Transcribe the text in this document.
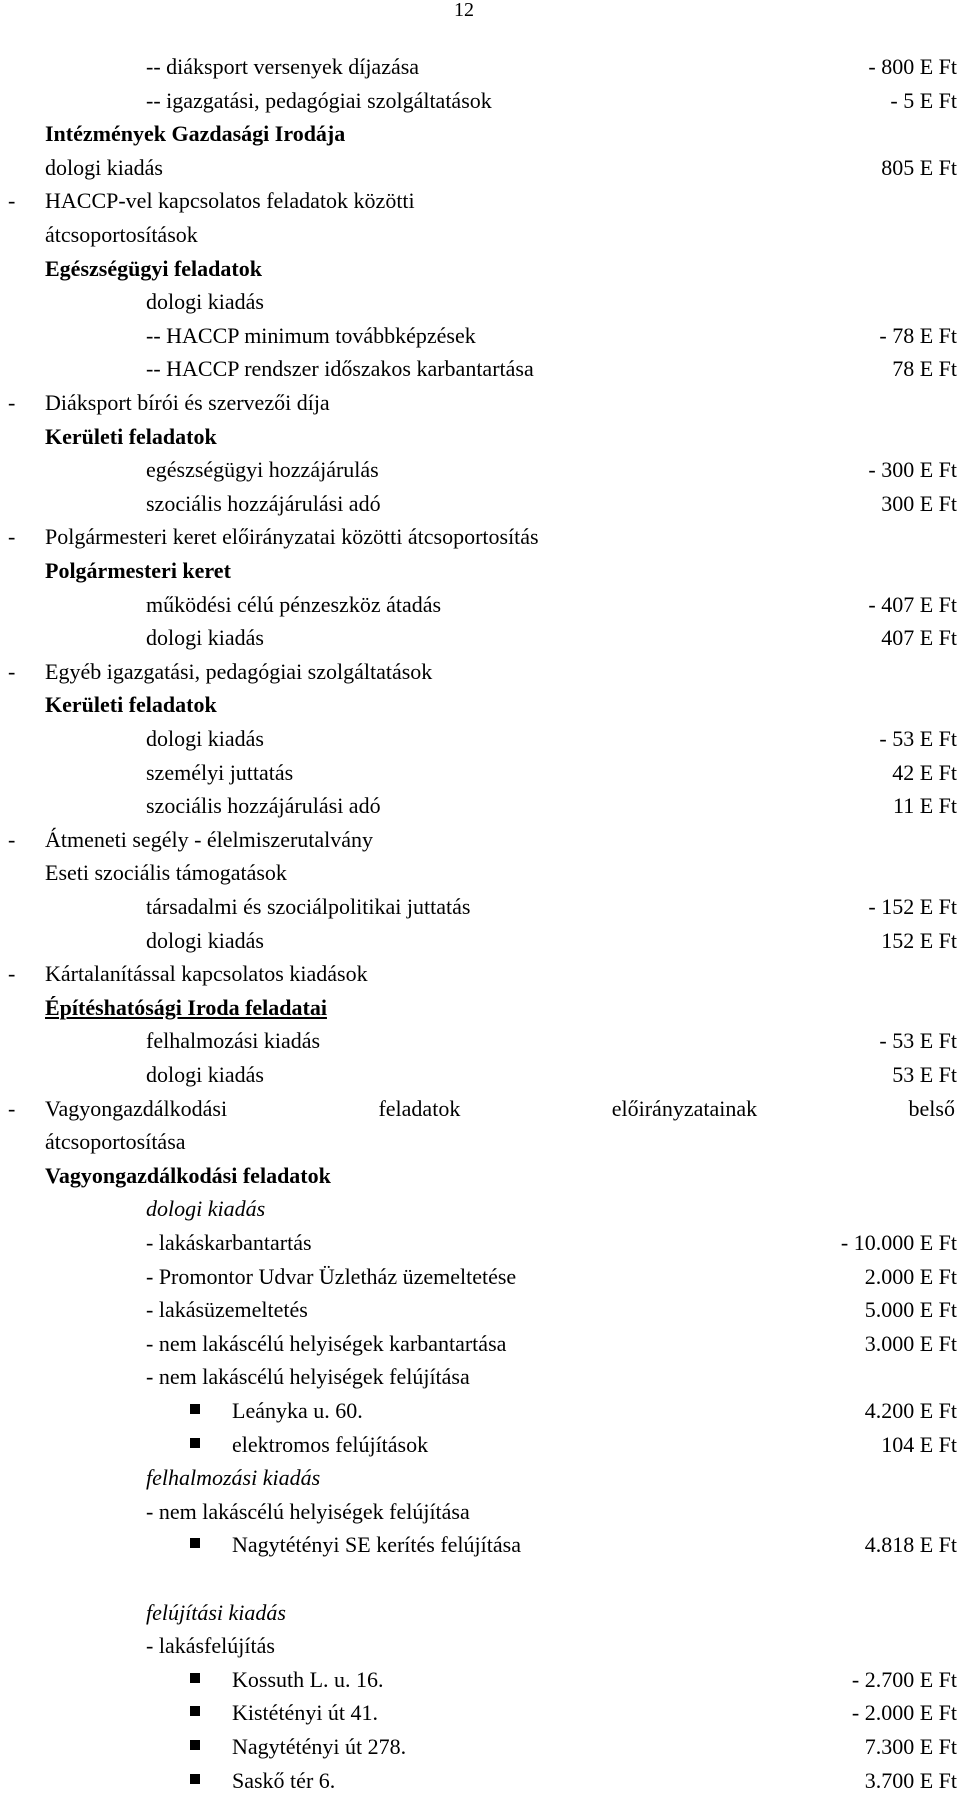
12
-- diáksport versenyek díjazása	- 800 E Ft
-- igazgatási, pedagógiai szolgáltatások	- 5 E Ft
Intézmények Gazdasági Irodája
dologi kiadás	805 E Ft
- HACCP-vel kapcsolatos feladatok közötti
átcsoportosítások
Egészségügyi feladatok
dologi kiadás
-- HACCP minimum továbbképzések	- 78 E Ft
-- HACCP rendszer időszakos karbantartása	78 E Ft
- Diáksport bírói és szervezői díja
Kerületi feladatok
egészségügyi hozzájárulás	- 300 E Ft
szociális hozzájárulási adó	300 E Ft
- Polgármesteri keret előirányzatai közötti átcsoportosítás
Polgármesteri keret
működési célú pénzeszköz átadás	- 407 E Ft
dologi kiadás	407 E Ft
- Egyéb igazgatási, pedagógiai szolgáltatások
Kerületi feladatok
dologi kiadás	- 53 E Ft
személyi juttatás	42 E Ft
szociális hozzájárulási adó	11 E Ft
- Átmeneti segély - élelmiszerutalvány
Eseti szociális támogatások
társadalmi és szociálpolitikai juttatás	- 152 E Ft
dologi kiadás	152 E Ft
- Kártalanítással kapcsolatos kiadások
Építéshatósági Iroda feladatai
felhalmozási kiadás	- 53 E Ft
dologi kiadás	53 E Ft
- Vagyongazdálkodási	feladatok	előirányzatainak	belső
átcsoportosítása
Vagyongazdálkodási feladatok
dologi kiadás
- lakáskarbantartás	- 10.000 E Ft
- Promontor Udvar Üzletház üzemeltetése	2.000 E Ft
- lakásüzemeltetés	5.000 E Ft
- nem lakáscélú helyiségek karbantartása	3.000 E Ft
- nem lakáscélú helyiségek felújítása
Leányka u. 60.	4.200 E Ft
elektromos felújítások	104 E Ft
felhalmozási kiadás
- nem lakáscélú helyiségek felújítása
Nagytétényi SE kerítés felújítása	4.818 E Ft
felújítási kiadás
- lakásfelújítás
Kossuth L. u. 16.	- 2.700 E Ft
Kistétényi út 41.	- 2.000 E Ft
Nagytétényi út 278.	7.300 E Ft
Saskő tér 6.	3.700 E Ft
